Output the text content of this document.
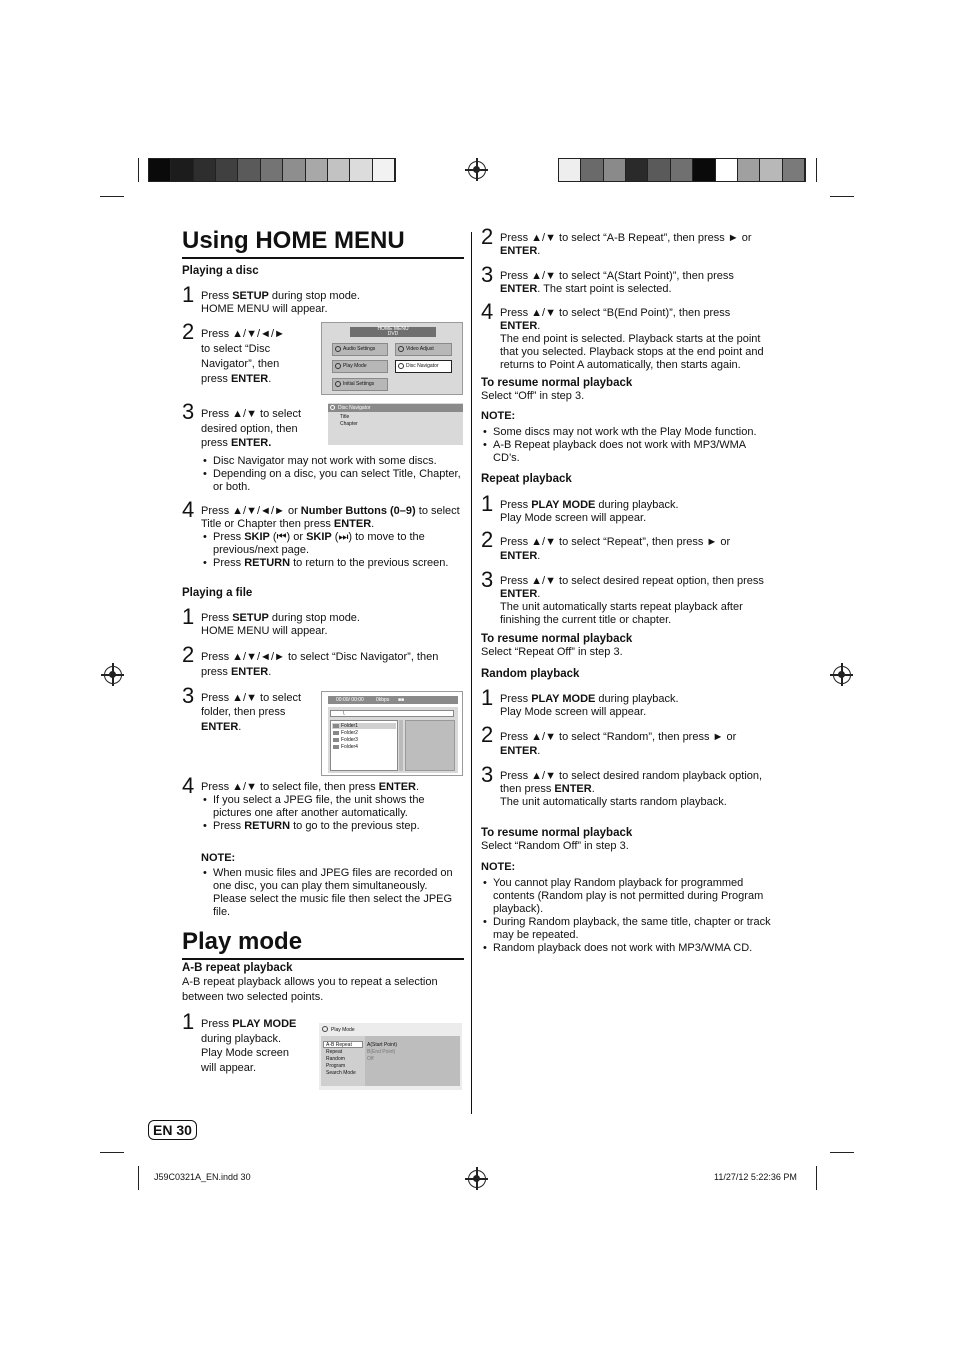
Using HOME MENU
Playing a disc
1 Press SETUP during stop mode.
HOME MENU will appear.
2 Press ▲/▼/◄/►
to select “Disc
Navigator”, then
press ENTER.
3 Press ▲/▼ to select
desired option, then
press ENTER.
• Disc Navigator may not work with some discs.
• Depending on a disc, you can select Title, Chapter, or both.
4 Press ▲/▼/◄/► or Number Buttons (0–9) to select Title or Chapter then press ENTER.
• Press SKIP (⏮) or SKIP (⏭) to move to the previous/next page.
• Press RETURN to return to the previous screen.
Playing a file
1 Press SETUP during stop mode.
HOME MENU will appear.
2 Press ▲/▼/◄/► to select “Disc Navigator”, then press ENTER.
3 Press ▲/▼ to select
folder, then press
ENTER.
4 Press ▲/▼ to select file, then press ENTER.
• If you select a JPEG file, the unit shows the pictures one after another automatically.
• Press RETURN to go to the previous step.
NOTE:
• When music files and JPEG files are recorded on one disc, you can play them simultaneously. Please select the music file then select the JPEG file.
Play mode
A-B repeat playback
A-B repeat playback allows you to repeat a selection between two selected points.
1 Press PLAY MODE
during playback.
Play Mode screen
will appear.
HOME MENU
DVD
Audio Settings	Video Adjust
Play Mode	Disc Navigator
Initial Settings
Disc Navigator
Title
Chapter
00:00/ 00:00 0kbps ■■
\
Folder1
Folder2
Folder3
Folder4
Play Mode
A-B Repeat
Repeat
Random
Program
Search Mode
A(Start Point)
B(End Point)
Off
2 Press ▲/▼ to select “A-B Repeat”, then press ► or ENTER.
3 Press ▲/▼ to select “A(Start Point)”, then press ENTER. The start point is selected.
4 Press ▲/▼ to select “B(End Point)”, then press ENTER.
The end point is selected. Playback starts at the point that you selected. Playback stops at the end point and returns to Point A automatically, then starts again.
To resume normal playback
Select “Off” in step 3.
NOTE:
• Some discs may not work wth the Play Mode function.
• A-B Repeat playback does not work with MP3/WMA CD’s.
Repeat playback
1 Press PLAY MODE during playback.
Play Mode screen will appear.
2 Press ▲/▼ to select “Repeat”, then press ► or ENTER.
3 Press ▲/▼ to select desired repeat option, then press ENTER.
The unit automatically starts repeat playback after finishing the current title or chapter.
To resume normal playback
Select “Repeat Off” in step 3.
Random playback
1 Press PLAY MODE during playback.
Play Mode screen will appear.
2 Press ▲/▼ to select “Random”, then press ► or ENTER.
3 Press ▲/▼ to select desired random playback option, then press ENTER.
The unit automatically starts random playback.
To resume normal playback
Select “Random Off” in step 3.
NOTE:
• You cannot play Random playback for programmed contents (Random play is not permitted during Program playback).
• During Random playback, the same title, chapter or track may be repeated.
• Random playback does not work with MP3/WMA CD.
EN 30
J59C0321A_EN.indd 30	11/27/12 5:22:36 PM
